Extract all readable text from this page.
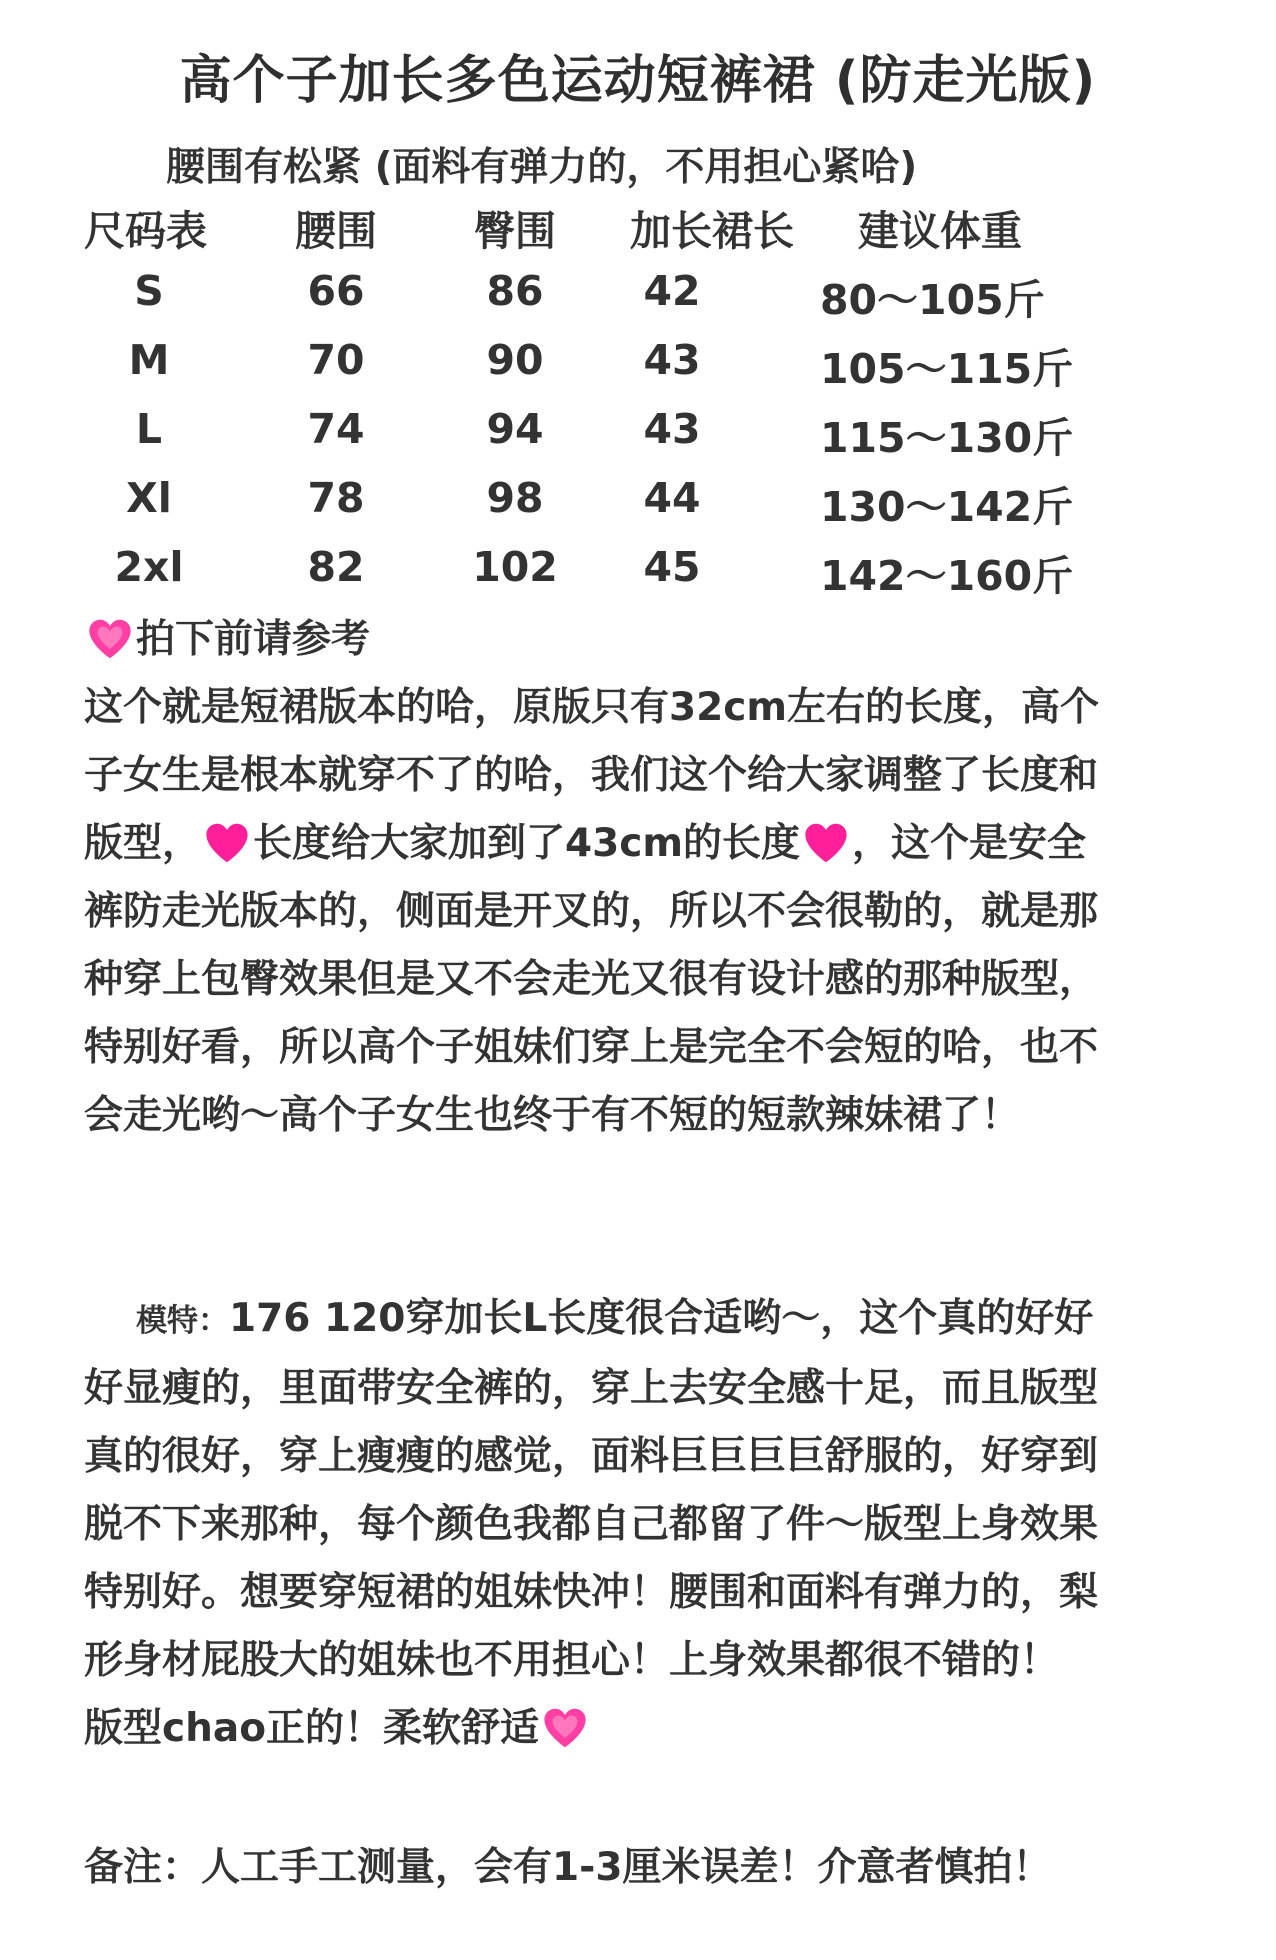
高个子加长多色运动短裤裙 (防走光版)
腰围有松紧 (面料有弹力的，不用担心紧哈)
尺码表	腰围	臀围	加长裙长 建议体重
S	66	86	42	80～105斤
M	70	90	43	105～115斤
L	74	94	43	115～130斤
Xl	78	98	44	130～142斤
2xl	82	102	45	142～160斤

拍下前请参考

这个就是短裙版本的哈，原版只有32cm左右的长度，高个

子女生是根本就穿不了的哈，我们这个给大家调整了长度和

版型， 长度给大家加到了43cm的长度 ，这个是安全

裤防走光版本的，侧面是开叉的，所以不会很勒的，就是那

种穿上包臀效果但是又不会走光又很有设计感的那种版型，

特别好看，所以高个子姐妹们穿上是完全不会短的哈，也不

会走光哟～高个子女生也终于有不短的短款辣妹裙了！

模特：176 120穿加长L长度很合适哟～，这个真的好好

好显瘦的，里面带安全裤的，穿上去安全感十足，而且版型

真的很好，穿上瘦瘦的感觉，面料巨巨巨巨舒服的，好穿到

脱不下来那种，每个颜色我都自己都留了件～版型上身效果

特别好。想要穿短裙的姐妹快冲！腰围和面料有弹力的，梨

形身材屁股大的姐妹也不用担心！上身效果都很不错的！

版型chao正的！柔软舒适

备注：人工手工测量，会有1-3厘米误差！介意者慎拍！
